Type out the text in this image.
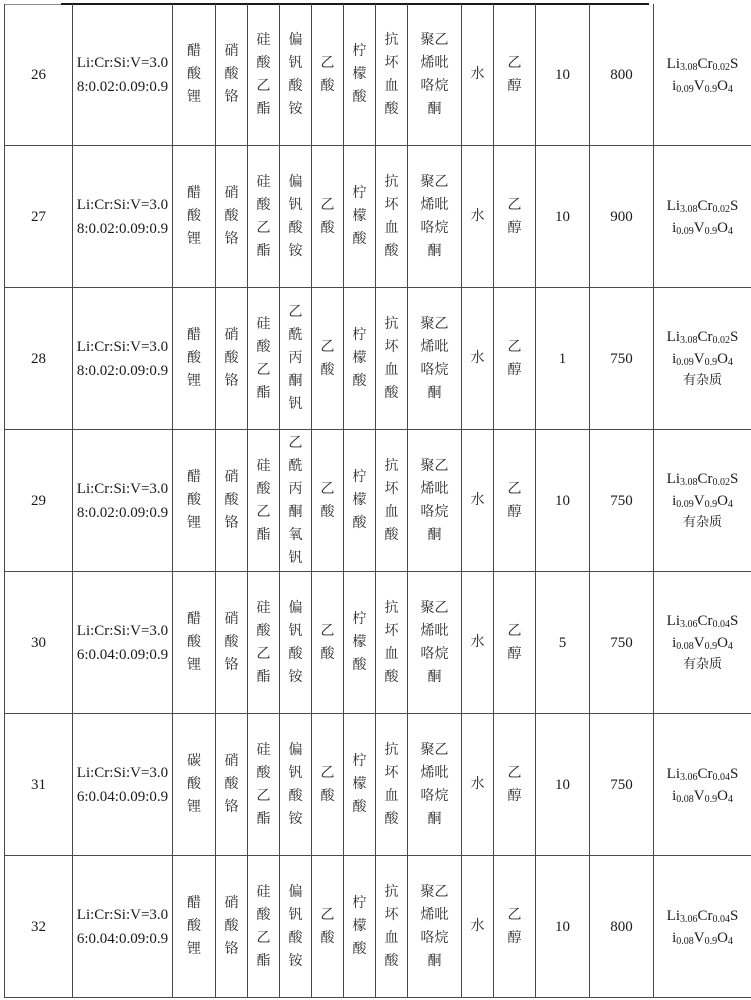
26	Li:Cr:Si:V=3.08:0.02:0.09:0.9	醋酸锂	硝酸铬	硅酸乙酯	偏钒酸铵	乙酸	柠檬酸	抗坏血酸	聚乙烯吡咯烷酮	水	乙醇	10	800	$Li_{3.08}Cr_{0.02}S$
$i_{0.09}V_{0.9}O_4$
27	Li:Cr:Si:V=3.08:0.02:0.09:0.9	醋酸锂	硝酸铬	硅酸乙酯	偏钒酸铵	乙酸	柠檬酸	抗坏血酸	聚乙烯吡咯烷酮	水	乙醇	10	900	$Li_{3.08}Cr_{0.02}S$
$i_{0.09}V_{0.9}O_4$
28	Li:Cr:Si:V=3.08:0.02:0.09:0.9	醋酸锂	硝酸铬	硅酸乙酯	乙酰丙酮钒	乙酸	柠檬酸	抗坏血酸	聚乙烯吡咯烷酮	水	乙醇	1	750	$Li_{3.08}Cr_{0.02}S$
$i_{0.09}V_{0.9}O_4$
有杂质

29	Li:Cr:Si:V=3.08:0.02:0.09:0.9	醋酸锂	硝酸铬	硅酸乙酯	乙酰丙酮氧钒	乙酸	柠檬酸	抗坏血酸	聚乙烯吡咯烷酮	水	乙醇	10	750	$Li_{3.08}Cr_{0.02}S$
$i_{0.09}V_{0.9}O_4$
有杂质

30	Li:Cr:Si:V=3.06:0.04:0.09:0.9	醋酸锂	硝酸铬	硅酸乙酯	偏钒酸铵	乙酸	柠檬酸	抗坏血酸	聚乙烯吡咯烷酮	水	乙醇	5	750	$Li_{3.06}Cr_{0.04}S$
$i_{0.08}V_{0.9}O_4$
有杂质

31	Li:Cr:Si:V=3.06:0.04:0.09:0.9	碳酸锂	硝酸铬	硅酸乙酯	偏钒酸铵	乙酸	柠檬酸	抗坏血酸	聚乙烯吡咯烷酮	水	乙醇	10	750	$Li_{3.06}Cr_{0.04}S$
$i_{0.08}V_{0.9}O_4$
32	Li:Cr:Si:V=3.06:0.04:0.09:0.9	醋酸锂	硝酸铬	硅酸乙酯	偏钒酸铵	乙酸	柠檬酸	抗坏血酸	聚乙烯吡咯烷酮	水	乙醇	10	800	$Li_{3.06}Cr_{0.04}S$
$i_{0.08}V_{0.9}O_4$
